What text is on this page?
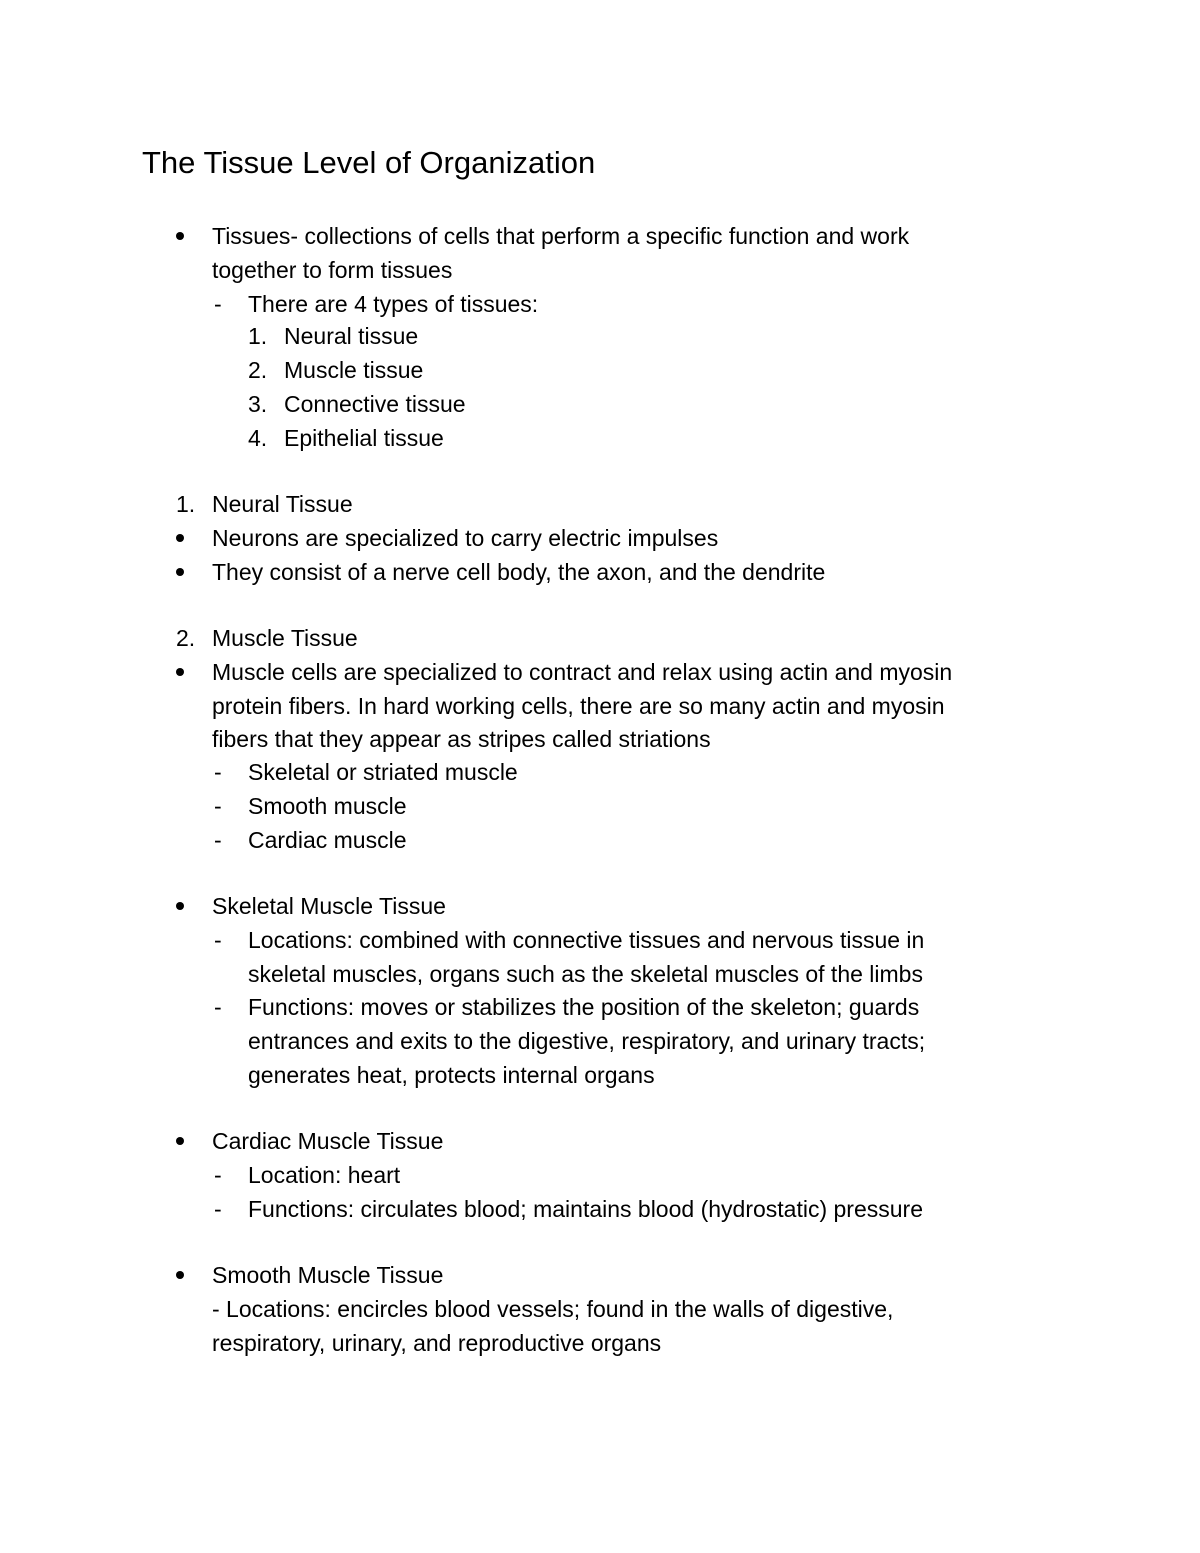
The Tissue Level of Organization
Tissues- collections of cells that perform a specific function and work
together to form tissues
- There are 4 types of tissues:
1. Neural tissue
2. Muscle tissue
3. Connective tissue
4. Epithelial tissue
1. Neural Tissue
Neurons are specialized to carry electric impulses
They consist of a nerve cell body, the axon, and the dendrite
2. Muscle Tissue
Muscle cells are specialized to contract and relax using actin and myosin
protein fibers. In hard working cells, there are so many actin and myosin
fibers that they appear as stripes called striations
- Skeletal or striated muscle
- Smooth muscle
- Cardiac muscle
Skeletal Muscle Tissue
- Locations: combined with connective tissues and nervous tissue in
skeletal muscles, organs such as the skeletal muscles of the limbs
- Functions: moves or stabilizes the position of the skeleton; guards
entrances and exits to the digestive, respiratory, and urinary tracts;
generates heat, protects internal organs
Cardiac Muscle Tissue
- Location: heart
- Functions: circulates blood; maintains blood (hydrostatic) pressure
Smooth Muscle Tissue
- Locations: encircles blood vessels; found in the walls of digestive,
respiratory, urinary, and reproductive organs
